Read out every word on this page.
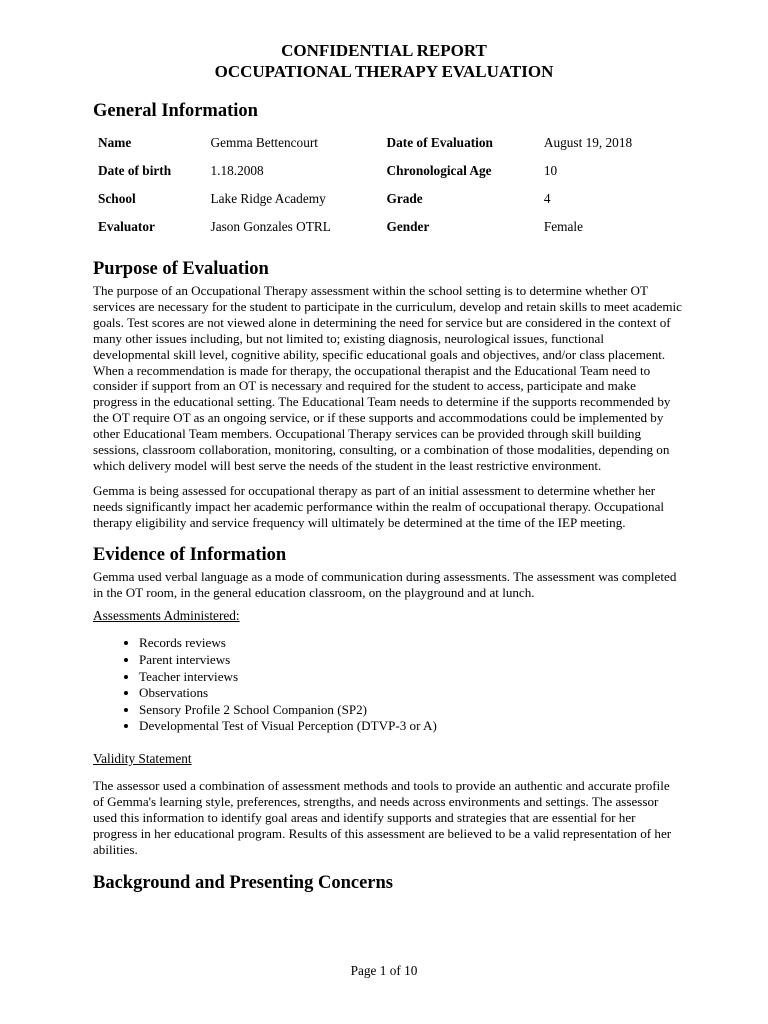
CONFIDENTIAL REPORT
OCCUPATIONAL THERAPY EVALUATION
General Information
Name	Gemma Bettencourt	Date of Evaluation	August 19, 2018
Date of birth	1.18.2008	Chronological Age	10
School	Lake Ridge Academy	Grade	4
Evaluator	Jason Gonzales OTRL	Gender	Female
Purpose of Evaluation

The purpose of an Occupational Therapy assessment within the school setting is to determine whether OT services are necessary for the student to participate in the curriculum, develop and retain skills to meet academic goals. Test scores are not viewed alone in determining the need for service but are considered in the context of many other issues including, but not limited to; existing diagnosis, neurological issues, functional developmental skill level, cognitive ability, specific educational goals and objectives, and/or class placement. When a recommendation is made for therapy, the occupational therapist and the Educational Team need to consider if support from an OT is necessary and required for the student to access, participate and make progress in the educational setting. The Educational Team needs to determine if the supports recommended by the OT require OT as an ongoing service, or if these supports and accommodations could be implemented by other Educational Team members. Occupational Therapy services can be provided through skill building sessions, classroom collaboration, monitoring, consulting, or a combination of those modalities, depending on which delivery model will best serve the needs of the student in the least restrictive environment.

Gemma is being assessed for occupational therapy as part of an initial assessment to determine whether her needs significantly impact her academic performance within the realm of occupational therapy. Occupational therapy eligibility and service frequency will ultimately be determined at the time of the IEP meeting.

Evidence of Information

Gemma used verbal language as a mode of communication during assessments. The assessment was completed in the OT room, in the general education classroom, on the playground and at lunch.

Assessments Administered:
• Records reviews
• Parent interviews
• Teacher interviews
• Observations
• Sensory Profile 2 School Companion (SP2)
• Developmental Test of Visual Perception (DTVP-3 or A)
Validity Statement

The assessor used a combination of assessment methods and tools to provide an authentic and accurate profile of Gemma's learning style, preferences, strengths, and needs across environments and settings. The assessor used this information to identify goal areas and identify supports and strategies that are essential for her progress in her educational program. Results of this assessment are believed to be a valid representation of her abilities.

Background and Presenting Concerns
Page 1 of 10
